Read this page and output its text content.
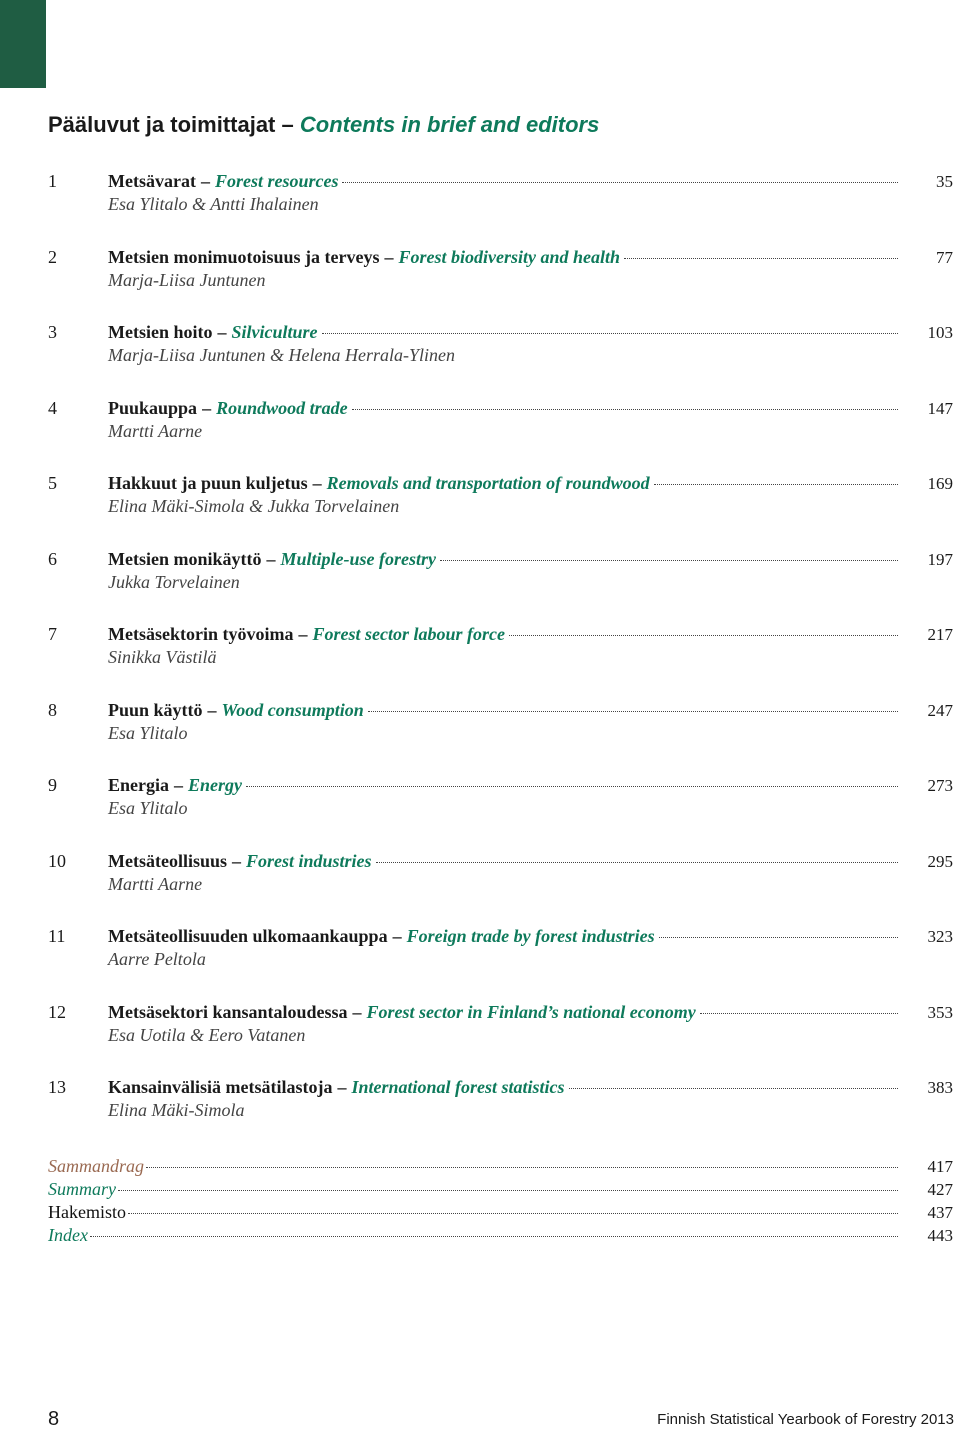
Pääluvut ja toimittajat – Contents in brief and editors
1	Metsävarat – Forest resources	35
Esa Ylitalo & Antti Ihalainen
2	Metsien monimuotoisuus ja terveys – Forest biodiversity and health	77
Marja-Liisa Juntunen
3	Metsien hoito – Silviculture	103
Marja-Liisa Juntunen & Helena Herrala-Ylinen
4	Puukauppa – Roundwood trade	147
Martti Aarne
5	Hakkuut ja puun kuljetus – Removals and transportation of roundwood	169
Elina Mäki-Simola & Jukka Torvelainen
6	Metsien monikäyttö – Multiple-use forestry	197
Jukka Torvelainen
7	Metsäsektorin työvoima – Forest sector labour force	217
Sinikka Västilä
8	Puun käyttö – Wood consumption	247
Esa Ylitalo
9	Energia – Energy	273
Esa Ylitalo
10	Metsäteollisuus – Forest industries	295
Martti Aarne
11	Metsäteollisuuden ulkomaankauppa – Foreign trade by forest industries	323
Aarre Peltola
12	Metsäsektori kansantaloudessa – Forest sector in Finland’s national economy	353
Esa Uotila & Eero Vatanen
13	Kansainvälisiä metsätilastoja – International forest statistics	383
Elina Mäki-Simola
Sammandrag	417
Summary	427
Hakemisto	437
Index	443
8	Finnish Statistical Yearbook of Forestry 2013
